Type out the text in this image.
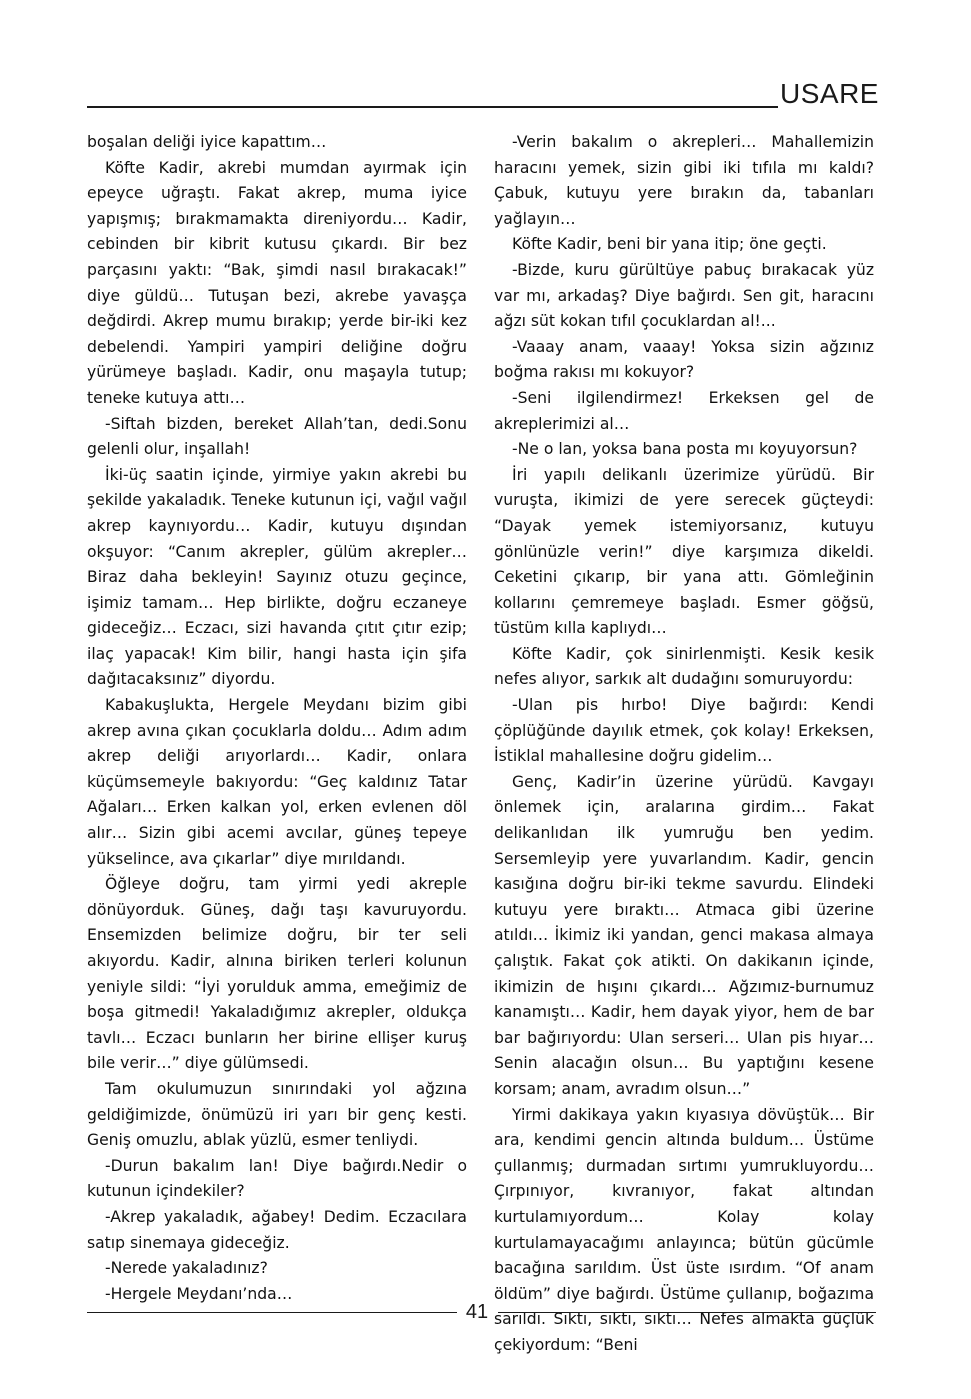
USARE

boşalan deliği iyice kapattım…

Köfte Kadir, akrebi mumdan ayırmak için epeyce uğraştı. Fakat akrep, muma iyice yapışmış; bırakmamakta direniyordu… Kadir, cebinden bir kibrit kutusu çıkardı. Bir bez parçasını yaktı: “Bak, şimdi nasıl bırakacak!” diye güldü… Tutuşan bezi, akrebe yavaşça değdirdi. Akrep mumu bırakıp; yerde bir-iki kez debelendi. Yampiri yampiri deliğine doğru yürümeye başladı. Kadir, onu maşayla tutup; teneke kutuya attı…

-Siftah bizden, bereket Allah’tan, dedi.Sonu gelenli olur, inşallah!

İki-üç saatin içinde, yirmiye yakın akrebi bu şekilde yakaladık. Teneke kutunun içi, vağıl vağıl akrep kaynıyordu… Kadir, kutuyu dışından okşuyor: “Canım akrepler, gülüm akrepler… Biraz daha bekleyin! Sayınız otuzu geçince, işimiz tamam… Hep birlikte, doğru eczaneye gideceğiz… Eczacı, sizi havanda çıtıt çıtır ezip; ilaç yapacak! Kim bilir, hangi hasta için şifa dağıtacaksınız” diyordu.

Kabakuşlukta, Hergele Meydanı bizim gibi akrep avına çıkan çocuklarla doldu… Adım adım akrep deliği arıyorlardı… Kadir, onlara küçümsemeyle bakıyordu: “Geç kaldınız Tatar Ağaları… Erken kalkan yol, erken evlenen döl alır… Sizin gibi acemi avcılar, güneş tepeye yükselince, ava çıkarlar” diye mırıldandı.

Öğleye doğru, tam yirmi yedi akreple dönüyorduk. Güneş, dağı taşı kavuruyordu. Ensemizden belimize doğru, bir ter seli akıyordu. Kadir, alnına biriken terleri kolunun yeniyle sildi: “İyi yorulduk amma, emeğimiz de boşa gitmedi! Yakaladığımız akrepler, oldukça tavlı… Eczacı bunların her birine ellişer kuruş bile verir…” diye gülümsedi.

Tam okulumuzun sınırındaki yol ağzına geldiğimizde, önümüzü iri yarı bir genç kesti. Geniş omuzlu, ablak yüzlü, esmer tenliydi.

-Durun bakalım lan! Diye bağırdı.Nedir o kutunun içindekiler?

-Akrep yakaladık, ağabey! Dedim. Eczacılara satıp sinemaya gideceğiz.

-Nerede yakaladınız?

-Hergele Meydanı’nda…

-Verin bakalım o akrepleri… Mahallemizin haracını yemek, sizin gibi iki tıfıla mı kaldı? Çabuk, kutuyu yere bırakın da, tabanları yağlayın…

Köfte Kadir, beni bir yana itip; öne geçti.

-Bizde, kuru gürültüye pabuç bırakacak yüz var mı, arkadaş? Diye bağırdı. Sen git, haracını ağzı süt kokan tıfıl çocuklardan al!...

-Vaaay anam, vaaay! Yoksa sizin ağzınız boğma rakısı mı kokuyor?

-Seni ilgilendirmez! Erkeksen gel de akreplerimizi al…

-Ne o lan, yoksa bana posta mı koyuyorsun?

İri yapılı delikanlı üzerimize yürüdü. Bir vuruşta, ikimizi de yere serecek güçteydi: “Dayak yemek istemiyorsanız, kutuyu gönlünüzle verin!” diye karşımıza dikeldi. Ceketini çıkarıp, bir yana attı. Gömleğinin kollarını çemremeye başladı. Esmer göğsü, tüstüm kılla kaplıydı…

Köfte Kadir, çok sinirlenmişti. Kesik kesik nefes alıyor, sarkık alt dudağını somuruyordu:

-Ulan pis hırbo! Diye bağırdı: Kendi çöplüğünde dayılık etmek, çok kolay! Erkeksen, İstiklal mahallesine doğru gidelim…

Genç, Kadir’in üzerine yürüdü. Kavgayı önlemek için, aralarına girdim… Fakat delikanlıdan ilk yumruğu ben yedim. Sersemleyip yere yuvarlandım. Kadir, gencin kasığına doğru bir-iki tekme savurdu. Elindeki kutuyu yere bıraktı… Atmaca gibi üzerine atıldı… İkimiz iki yandan, genci makasa almaya çalıştık. Fakat çok atikti. On dakikanın içinde, ikimizin de hışını çıkardı… Ağzımız-burnumuz kanamıştı… Kadir, hem dayak yiyor, hem de bar bar bağırıyordu: Ulan serseri… Ulan pis hıyar… Senin alacağın olsun… Bu yaptığını kesene korsam; anam, avradım olsun…”

Yirmi dakikaya yakın kıyasıya dövüştük… Bir ara, kendimi gencin altında buldum… Üstüme çullanmış; durmadan sırtımı yumrukluyordu… Çırpınıyor, kıvranıyor, fakat altından kurtulamıyordum… Kolay kolay kurtulamayacağımı anlayınca; bütün gücümle bacağına sarıldım. Üst üste ısırdım. “Of anam öldüm” diye bağırdı. Üstüme çullanıp, boğazıma sarıldı. Sıktı, sıktı, sıktı… Nefes almakta güçlük çekiyordum: “Beni

41
